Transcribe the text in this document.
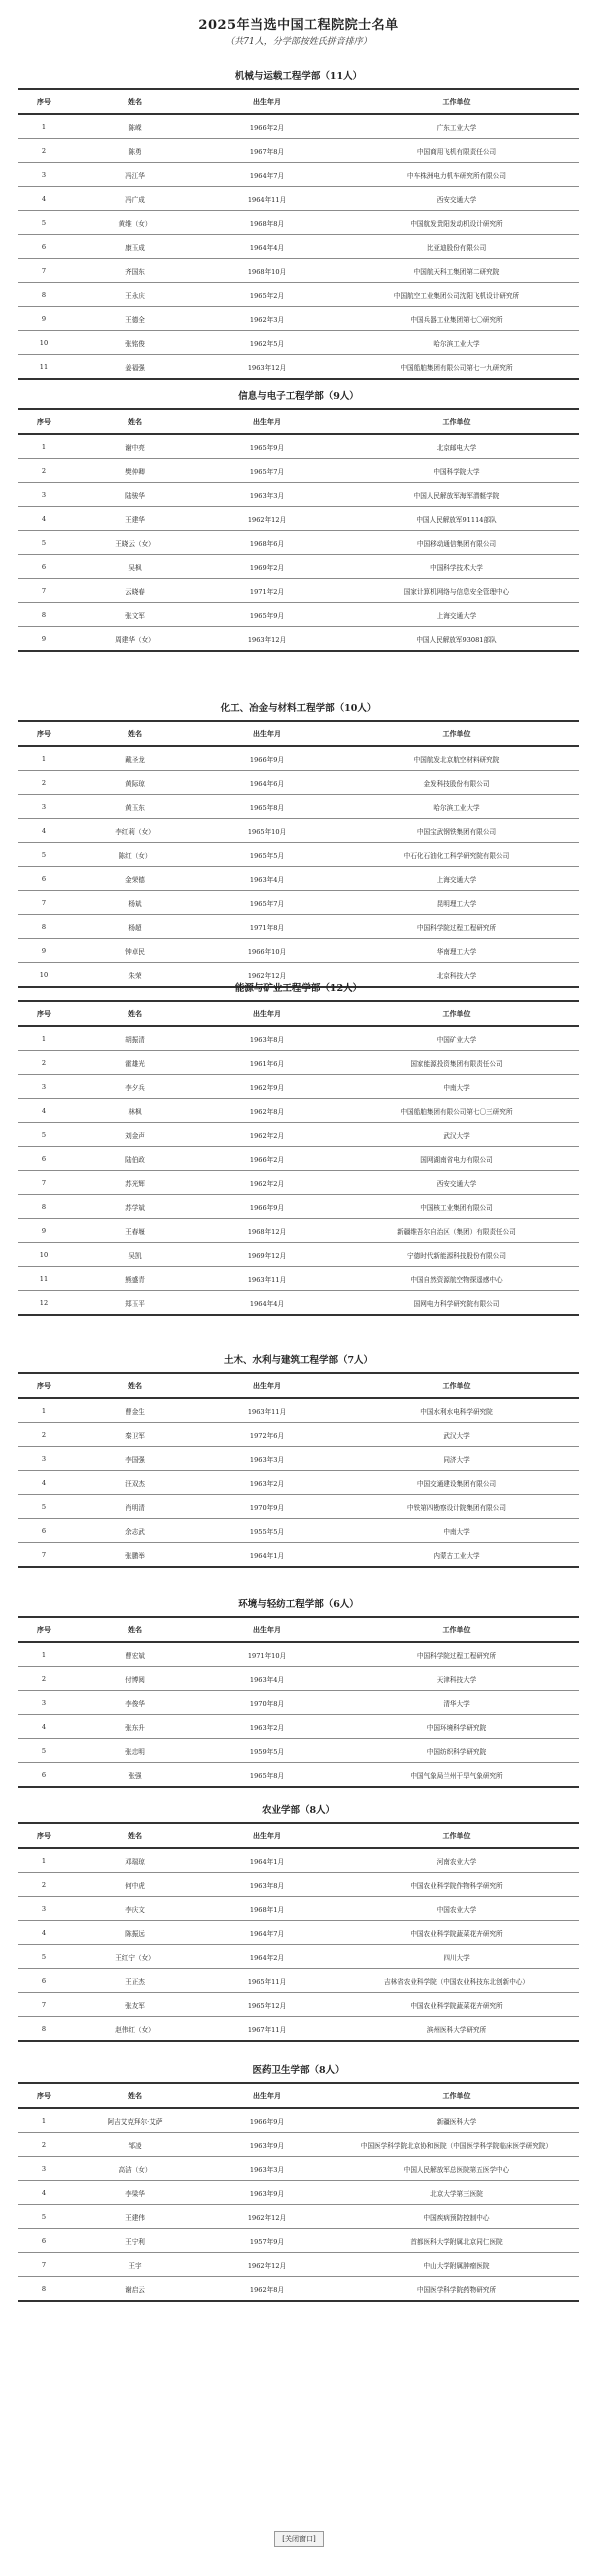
2025年当选中国工程院院士名单
（共71人，分学部按姓氏拼音排序）
机械与运载工程学部（11人）
序号	姓名	出生年月	工作单位
1	陈嵘	1966年2月	广东工业大学
2	陈勇	1967年8月	中国商用飞机有限责任公司
3	冯江华	1964年7月	中车株洲电力机车研究所有限公司
4	冯广成	1964年11月	西安交通大学
5	黄维（女）	1968年8月	中国航发贵阳发动机设计研究所
6	康玉成	1964年4月	比亚迪股份有限公司
7	齐国东	1968年10月	中国航天科工集团第二研究院
8	王永庆	1965年2月	中国航空工业集团公司沈阳飞机设计研究所
9	王德全	1962年3月	中国兵器工业集团第七〇研究所
10	张铭俊	1962年5月	哈尔滨工业大学
11	姜福强	1963年12月	中国船舶集团有限公司第七一九研究所
信息与电子工程学部（9人）
序号	姓名	出生年月	工作单位
1	谢中亮	1965年9月	北京邮电大学
2	樊仲卿	1965年7月	中国科学院大学
3	陆骏华	1963年3月	中国人民解放军海军潜艇学院
4	王建华	1962年12月	中国人民解放军91114部队
5	王晓云（女）	1968年6月	中国移动通信集团有限公司
6	吴枫	1969年2月	中国科学技术大学
7	云晓春	1971年2月	国家计算机网络与信息安全管理中心
8	张文军	1965年9月	上海交通大学
9	周建华（女）	1963年12月	中国人民解放军93081部队
化工、冶金与材料工程学部（10人）
序号	姓名	出生年月	工作单位
1	戴圣龙	1966年9月	中国航发北京航空材料研究院
2	黄际琼	1964年6月	金发科技股份有限公司
3	黄玉东	1965年8月	哈尔滨工业大学
4	李红莉（女）	1965年10月	中国宝武钢铁集团有限公司
5	陈红（女）	1965年5月	中石化石油化工科学研究院有限公司
6	金荣德	1963年4月	上海交通大学
7	杨斌	1965年7月	昆明理工大学
8	杨超	1971年8月	中国科学院过程工程研究所
9	钟卓民	1966年10月	华南理工大学
10	朱荣	1962年12月	北京科技大学
能源与矿业工程学部（12人）
序号	姓名	出生年月	工作单位
1	胡振清	1963年8月	中国矿业大学
2	霍雄光	1961年6月	国家能源投资集团有限责任公司
3	李夕兵	1962年9月	中南大学
4	林枫	1962年8月	中国船舶集团有限公司第七〇三研究所
5	刘金声	1962年2月	武汉大学
6	陆伯政	1966年2月	国网湖南省电力有限公司
7	苏光辉	1962年2月	西安交通大学
8	苏学斌	1966年9月	中国核工业集团有限公司
9	王春堰	1968年12月	新疆维吾尔自治区（集团）有限责任公司
10	吴凯	1969年12月	宁德时代新能源科技股份有限公司
11	熊盛青	1963年11月	中国自然资源航空物探遥感中心
12	郑玉平	1964年4月	国网电力科学研究院有限公司
土木、水利与建筑工程学部（7人）
序号	姓名	出生年月	工作单位
1	曹金生	1963年11月	中国水利水电科学研究院
2	秦卫军	1972年6月	武汉大学
3	李国强	1963年3月	同济大学
4	汪双杰	1963年2月	中国交通建设集团有限公司
5	肖明清	1970年9月	中铁第四勘察设计院集团有限公司
6	余志武	1955年5月	中南大学
7	张鹏举	1964年1月	内蒙古工业大学
环境与轻纺工程学部（6人）
序号	姓名	出生年月	工作单位
1	曹宏斌	1971年10月	中国科学院过程工程研究所
2	付博阅	1963年4月	天津科技大学
3	李俊华	1970年8月	清华大学
4	张东升	1963年2月	中国环境科学研究院
5	张忠明	1959年5月	中国纺织科学研究院
6	张强	1965年8月	中国气象局兰州干旱气象研究所
农业学部（8人）
序号	姓名	出生年月	工作单位
1	邓瑞琼	1964年1月	河南农业大学
2	何中虎	1963年8月	中国农业科学院作物科学研究所
3	李庆文	1968年1月	中国农业大学
4	陈振远	1964年7月	中国农业科学院蔬菜花卉研究所
5	王红宁（女）	1964年2月	四川大学
6	王正杰	1965年11月	吉林省农业科学院（中国农业科技东北创新中心）
7	张友军	1965年12月	中国农业科学院蔬菜花卉研究所
8	赵伟红（女）	1967年11月	滨州医科大学研究所
医药卫生学部（8人）
序号	姓名	出生年月	工作单位
1	阿吉艾克拜尔·艾萨	1966年9月	新疆医科大学
2	邹凌	1963年9月	中国医学科学院北京协和医院（中国医学科学院临床医学研究院）
3	高洁（女）	1963年3月	中国人民解放军总医院第五医学中心
4	李梁华	1963年9月	北京大学第三医院
5	王建伟	1962年12月	中国疾病预防控制中心
6	王宁利	1957年9月	首都医科大学附属北京同仁医院
7	王宇	1962年12月	中山大学附属肿瘤医院
8	谢启云	1962年8月	中国医学科学院药物研究所
[关闭窗口]
